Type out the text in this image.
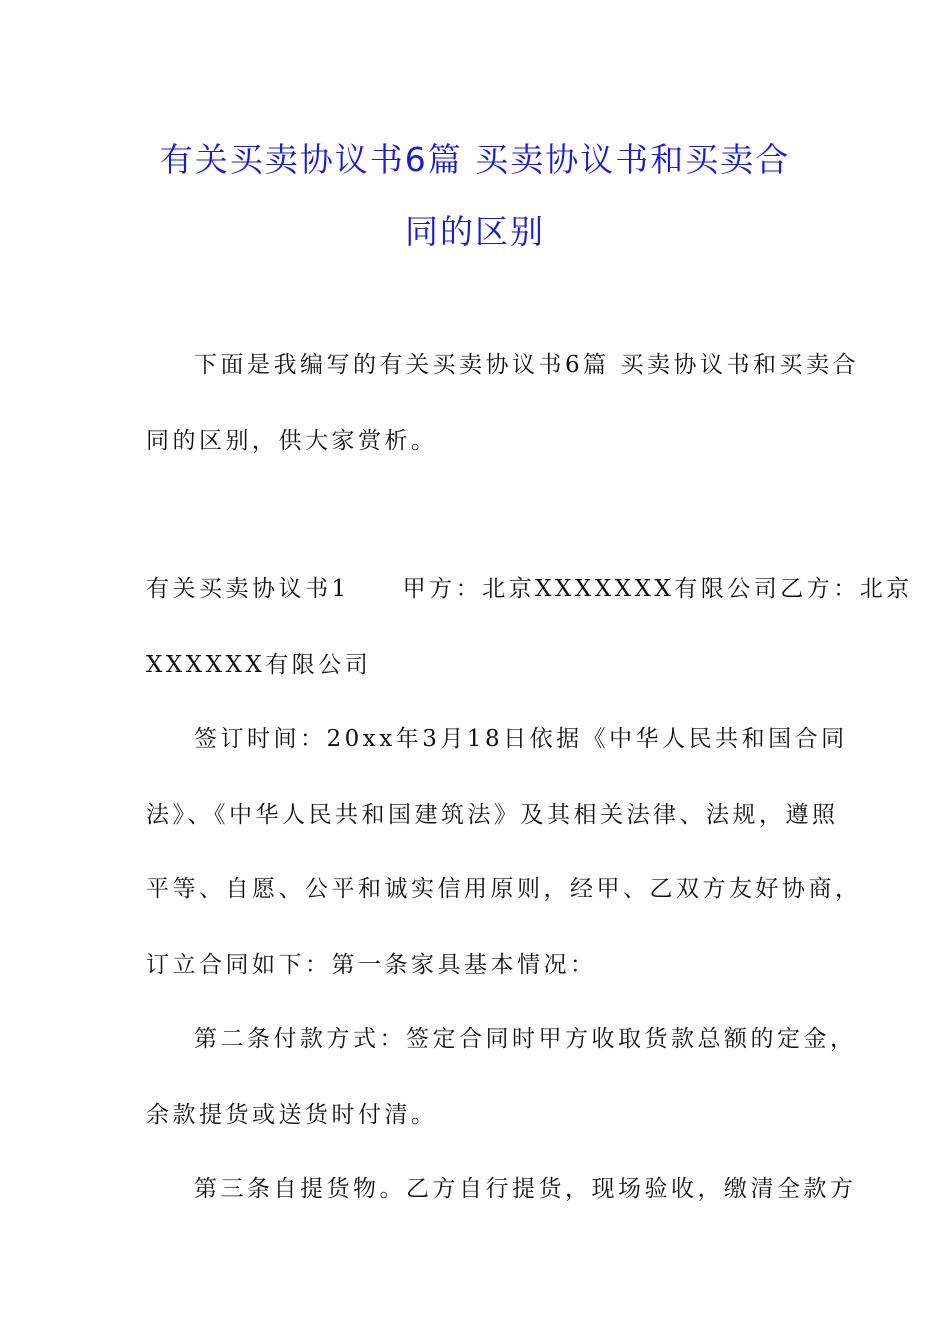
有关买卖协议书6篇 买卖协议书和买卖合
同的区别
下面是我编写的有关买卖协议书6篇 买卖协议书和买卖合
同的区别，供大家赏析。
有关买卖协议书1　　甲方：北京XXXXXXX有限公司乙方：北京
XXXXXX有限公司
签订时间：20xx年3月18日依据《中华人民共和国合同
法》、《中华人民共和国建筑法》及其相关法律、法规，遵照
平等、自愿、公平和诚实信用原则，经甲、乙双方友好协商，
订立合同如下：第一条家具基本情况：
第二条付款方式：签定合同时甲方收取货款总额的定金，
余款提货或送货时付清。
第三条自提货物。乙方自行提货，现场验收，缴清全款方
